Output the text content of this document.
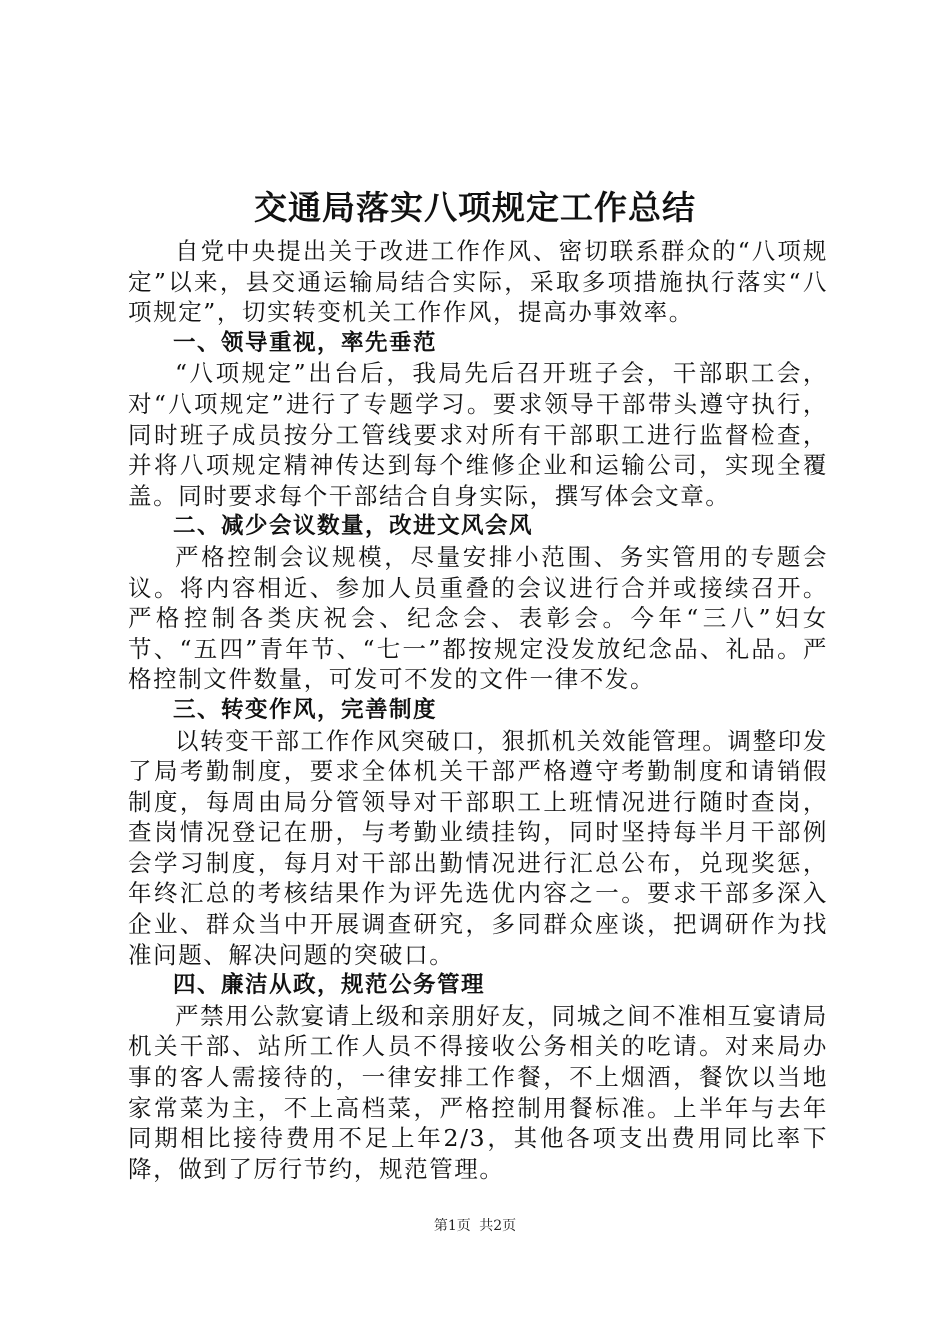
交通局落实八项规定工作总结

自党中央提出关于改进工作作风、密切联系群众的“八项规定”以来，县交通运输局结合实际，采取多项措施执行落实“八项规定”，切实转变机关工作作风，提高办事效率。

一、领导重视，率先垂范

“八项规定”出台后，我局先后召开班子会，干部职工会，对“八项规定”进行了专题学习。要求领导干部带头遵守执行，同时班子成员按分工管线要求对所有干部职工进行监督检查，并将八项规定精神传达到每个维修企业和运输公司，实现全覆盖。同时要求每个干部结合自身实际，撰写体会文章。

二、减少会议数量，改进文风会风

严格控制会议规模，尽量安排小范围、务实管用的专题会议。将内容相近、参加人员重叠的会议进行合并或接续召开。严格控制各类庆祝会、纪念会、表彰会。今年“三八”妇女节、“五四”青年节、“七一”都按规定没发放纪念品、礼品。严格控制文件数量，可发可不发的文件一律不发。

三、转变作风，完善制度

以转变干部工作作风突破口，狠抓机关效能管理。调整印发了局考勤制度，要求全体机关干部严格遵守考勤制度和请销假制度，每周由局分管领导对干部职工上班情况进行随时查岗，查岗情况登记在册，与考勤业绩挂钩，同时坚持每半月干部例会学习制度，每月对干部出勤情况进行汇总公布，兑现奖惩，年终汇总的考核结果作为评先选优内容之一。要求干部多深入企业、群众当中开展调查研究，多同群众座谈，把调研作为找准问题、解决问题的突破口。

四、廉洁从政，规范公务管理

严禁用公款宴请上级和亲朋好友，同城之间不准相互宴请局机关干部、站所工作人员不得接收公务相关的吃请。对来局办事的客人需接待的，一律安排工作餐，不上烟酒，餐饮以当地家常菜为主，不上高档菜，严格控制用餐标准。上半年与去年同期相比接待费用不足上年2/3，其他各项支出费用同比率下降，做到了厉行节约，规范管理。

第1页 共2页
